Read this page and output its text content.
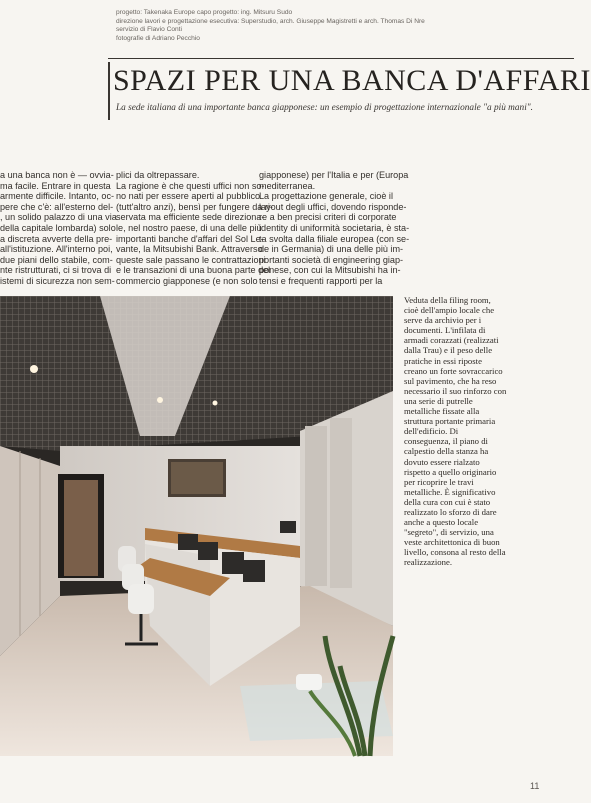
progetto: Takenaka Europe capo progetto: ing. Mitsuru Sudo
direzione lavori e progettazione esecutiva: Superstudio, arch. Giuseppe Magistretti e arch. Thomas Di Nre
servizio di Flavio Conti
fotografie di Adriano Pecchio
SPAZI PER UNA BANCA D'AFFARI
La sede italiana di una importante banca giapponese: un esempio di progettazione internazionale "a più mani".
a una banca non è — ovvia-
ma facile. Entrare in questa
armente difficile. Intanto, oc-
pere che c'è: all'esterno del-
, un solido palazzo di una via
della capitale lombarda) solo
a discreta avverte della pre-
all'istituzione. All'interno poi,
due piani dello stabile, com-
nte ristrutturati, ci si trova di
istemi di sicurezza non sem-
plici da oltrepassare.
La ragione è che questi uffici non so-
no nati per essere aperti al pubblico
(tutt'altro anzi), bensì per fungere da ri-
servata ma efficiente sede direziona-
le, nel nostro paese, di una delle più
importanti banche d'affari del Sol Le-
vante, la Mitsubishi Bank. Attraverso
queste sale passano le contrattazioni
e le transazioni di una buona parte del
commercio giapponese (e non solo
giapponese) per l'Italia e per (Europa
mediterranea.
La progettazione generale, cioè il
layout degli uffici, dovendo risponde-
re a ben precisi criteri di corporate
identity di uniformità societaria, è sta-
ta svolta dalla filiale europea (con se-
de in Germania) di una delle più im-
portanti società di engineering giap-
ponese, con cui la Mitsubishi ha in-
tensi e frequenti rapporti per la
Veduta della filing room,
cioè dell'ampio locale che
serve da archivio per i
documenti. L'infilata di
armadi corazzati (realizzati
dalla Trau) e il peso delle
pratiche in essi riposte
creano un forte sovraccarico
sul pavimento, che ha reso
necessario il suo rinforzo con
una serie di putrelle
metalliche fissate alla
struttura portante primaria
dell'edificio. Di
conseguenza, il piano di
calpestio della stanza ha
dovuto essere rialzato
rispetto a quello originario
per ricoprire le travi
metalliche. È significativo
della cura con cui è stato
realizzato lo sforzo di dare
anche a questo locale
"segreto", di servizio, una
veste architettonica di buon
livello, consona al resto della
realizzazione.
11
